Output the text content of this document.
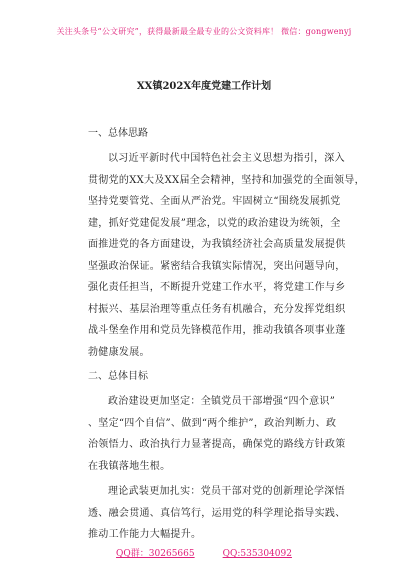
关注头条号“公文研究”，获得最新最全最专业的公文资料库！ 微信：gongwenyj
XX镇202X年度党建工作计划
一、总体思路
以习近平新时代中国特色社会主义思想为指引，深入
贯彻党的XX大及XX届全会精神，坚持和加强党的全面领导，
坚持党要管党、全面从严治党。牢固树立“围绕发展抓党
建，抓好党建促发展”理念，以党的政治建设为统领，全
面推进党的各方面建设，为我镇经济社会高质量发展提供
坚强政治保证。紧密结合我镇实际情况，突出问题导向，
强化责任担当，不断提升党建工作水平，将党建工作与乡
村振兴、基层治理等重点任务有机融合，充分发挥党组织
战斗堡垒作用和党员先锋模范作用，推动我镇各项事业蓬
勃健康发展。
二、总体目标
政治建设更加坚定：全镇党员干部增强“四个意识”
、坚定“四个自信”、做到“两个维护”，政治判断力、政
治领悟力、政治执行力显著提高，确保党的路线方针政策
在我镇落地生根。
理论武装更加扎实：党员干部对党的创新理论学深悟
透、融会贯通、真信笃行，运用党的科学理论指导实践、
推动工作能力大幅提升。
QQ群：30265665	QQ:535304092
